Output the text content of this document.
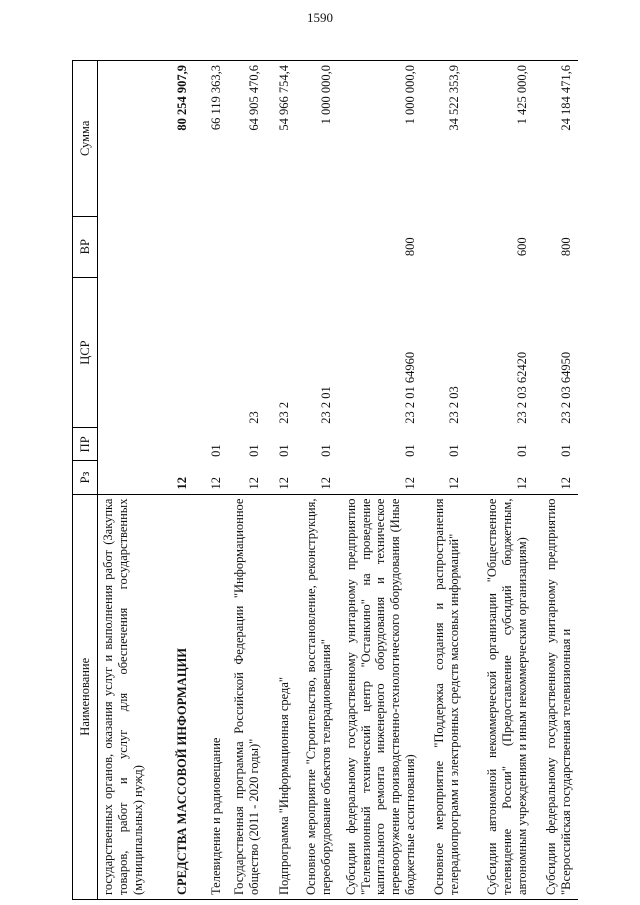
1590
Наименование	Рз	ПР	ЦСР	ВР	Сумма
государственных органов, оказания услуг и выполнения работ (Закупка товаров, работ и услуг для обеспечения государственных (муниципальных) нужд)					
СРЕДСТВА МАССОВОЙ ИНФОРМАЦИИ	12				80 254 907,9
Телевидение и радиовещание	12	01			66 119 363,3
Государственная программа Российской Федерации "Информационное общество (2011 - 2020 годы)"	12	01	23		64 905 470,6
Подпрограмма "Информационная среда"	12	01	23 2		54 966 754,4
Основное мероприятие "Строительство, восстановление, реконструкция, переоборудование объектов телерадиовещания"	12	01	23 2 01		1 000 000,0
Субсидии федеральному государственному унитарному предприятию "Телевизионный технический центр "Останкино" на проведение капитального ремонта инженерного оборудования и техническое перевооружение производственно-технологического оборудования (Иные бюджетные ассигнования)	12	01	23 2 01 64960	800	1 000 000,0
Основное мероприятие "Поддержка создания и распространения телерадиопрограмм и электронных средств массовых информаций"	12	01	23 2 03		34 522 353,9
Субсидии автономной некоммерческой организации "Общественное телевидение России" (Предоставление субсидий бюджетным, автономным учреждениям и иным некоммерческим организациям)	12	01	23 2 03 62420	600	1 425 000,0
Субсидии федеральному государственному унитарному предприятию "Всероссийская государственная телевизионная и	12	01	23 2 03 64950	800	24 184 471,6
